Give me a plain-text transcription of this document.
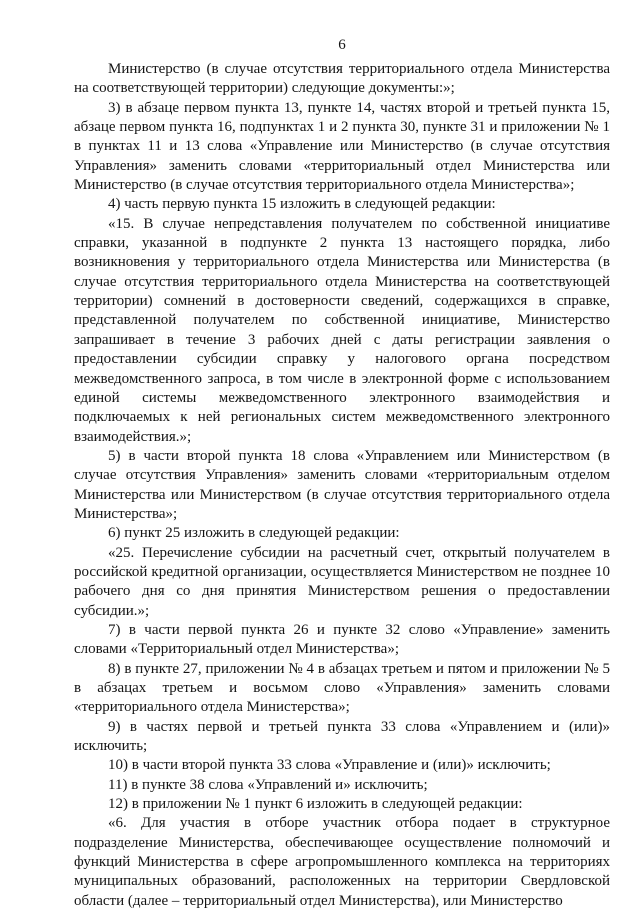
6

Министерство (в случае отсутствия территориального отдела Министерства на соответствующей территории) следующие документы:»;

3) в абзаце первом пункта 13, пункте 14, частях второй и третьей пункта 15, абзаце первом пункта 16, подпунктах 1 и 2 пункта 30, пункте 31 и приложении № 1 в пунктах 11 и 13 слова «Управление или Министерство (в случае отсутствия Управления» заменить словами «территориальный отдел Министерства или Министерство (в случае отсутствия территориального отдела Министерства»;

4) часть первую пункта 15 изложить в следующей редакции:

«15. В случае непредставления получателем по собственной инициативе справки, указанной в подпункте 2 пункта 13 настоящего порядка, либо возникновения у территориального отдела Министерства или Министерства (в случае отсутствия территориального отдела Министерства на соответствующей территории) сомнений в достоверности сведений, содержащихся в справке, представленной получателем по собственной инициативе, Министерство запрашивает в течение 3 рабочих дней с даты регистрации заявления о предоставлении субсидии справку у налогового органа посредством межведомственного запроса, в том числе в электронной форме с использованием единой системы межведомственного электронного взаимодействия и подключаемых к ней региональных систем межведомственного электронного взаимодействия.»;

5) в части второй пункта 18 слова «Управлением или Министерством (в случае отсутствия Управления» заменить словами «территориальным отделом Министерства или Министерством (в случае отсутствия территориального отдела Министерства»;

6) пункт 25 изложить в следующей редакции:

«25. Перечисление субсидии на расчетный счет, открытый получателем в российской кредитной организации, осуществляется Министерством не позднее 10 рабочего дня со дня принятия Министерством решения о предоставлении субсидии.»;

7) в части первой пункта 26 и пункте 32 слово «Управление» заменить словами «Территориальный отдел Министерства»;

8) в пункте 27, приложении № 4 в абзацах третьем и пятом и приложении № 5 в абзацах третьем и восьмом слово «Управления» заменить словами «территориального отдела Министерства»;

9) в частях первой и третьей пункта 33 слова «Управлением и (или)» исключить;

10) в части второй пункта 33 слова «Управление и (или)» исключить;

11) в пункте 38 слова «Управлений и» исключить;

12) в приложении № 1 пункт 6 изложить в следующей редакции:

«6. Для участия в отборе участник отбора подает в структурное подразделение Министерства, обеспечивающее осуществление полномочий и функций Министерства в сфере агропромышленного комплекса на территориях муниципальных образований, расположенных на территории Свердловской области (далее – территориальный отдел Министерства), или Министерство
